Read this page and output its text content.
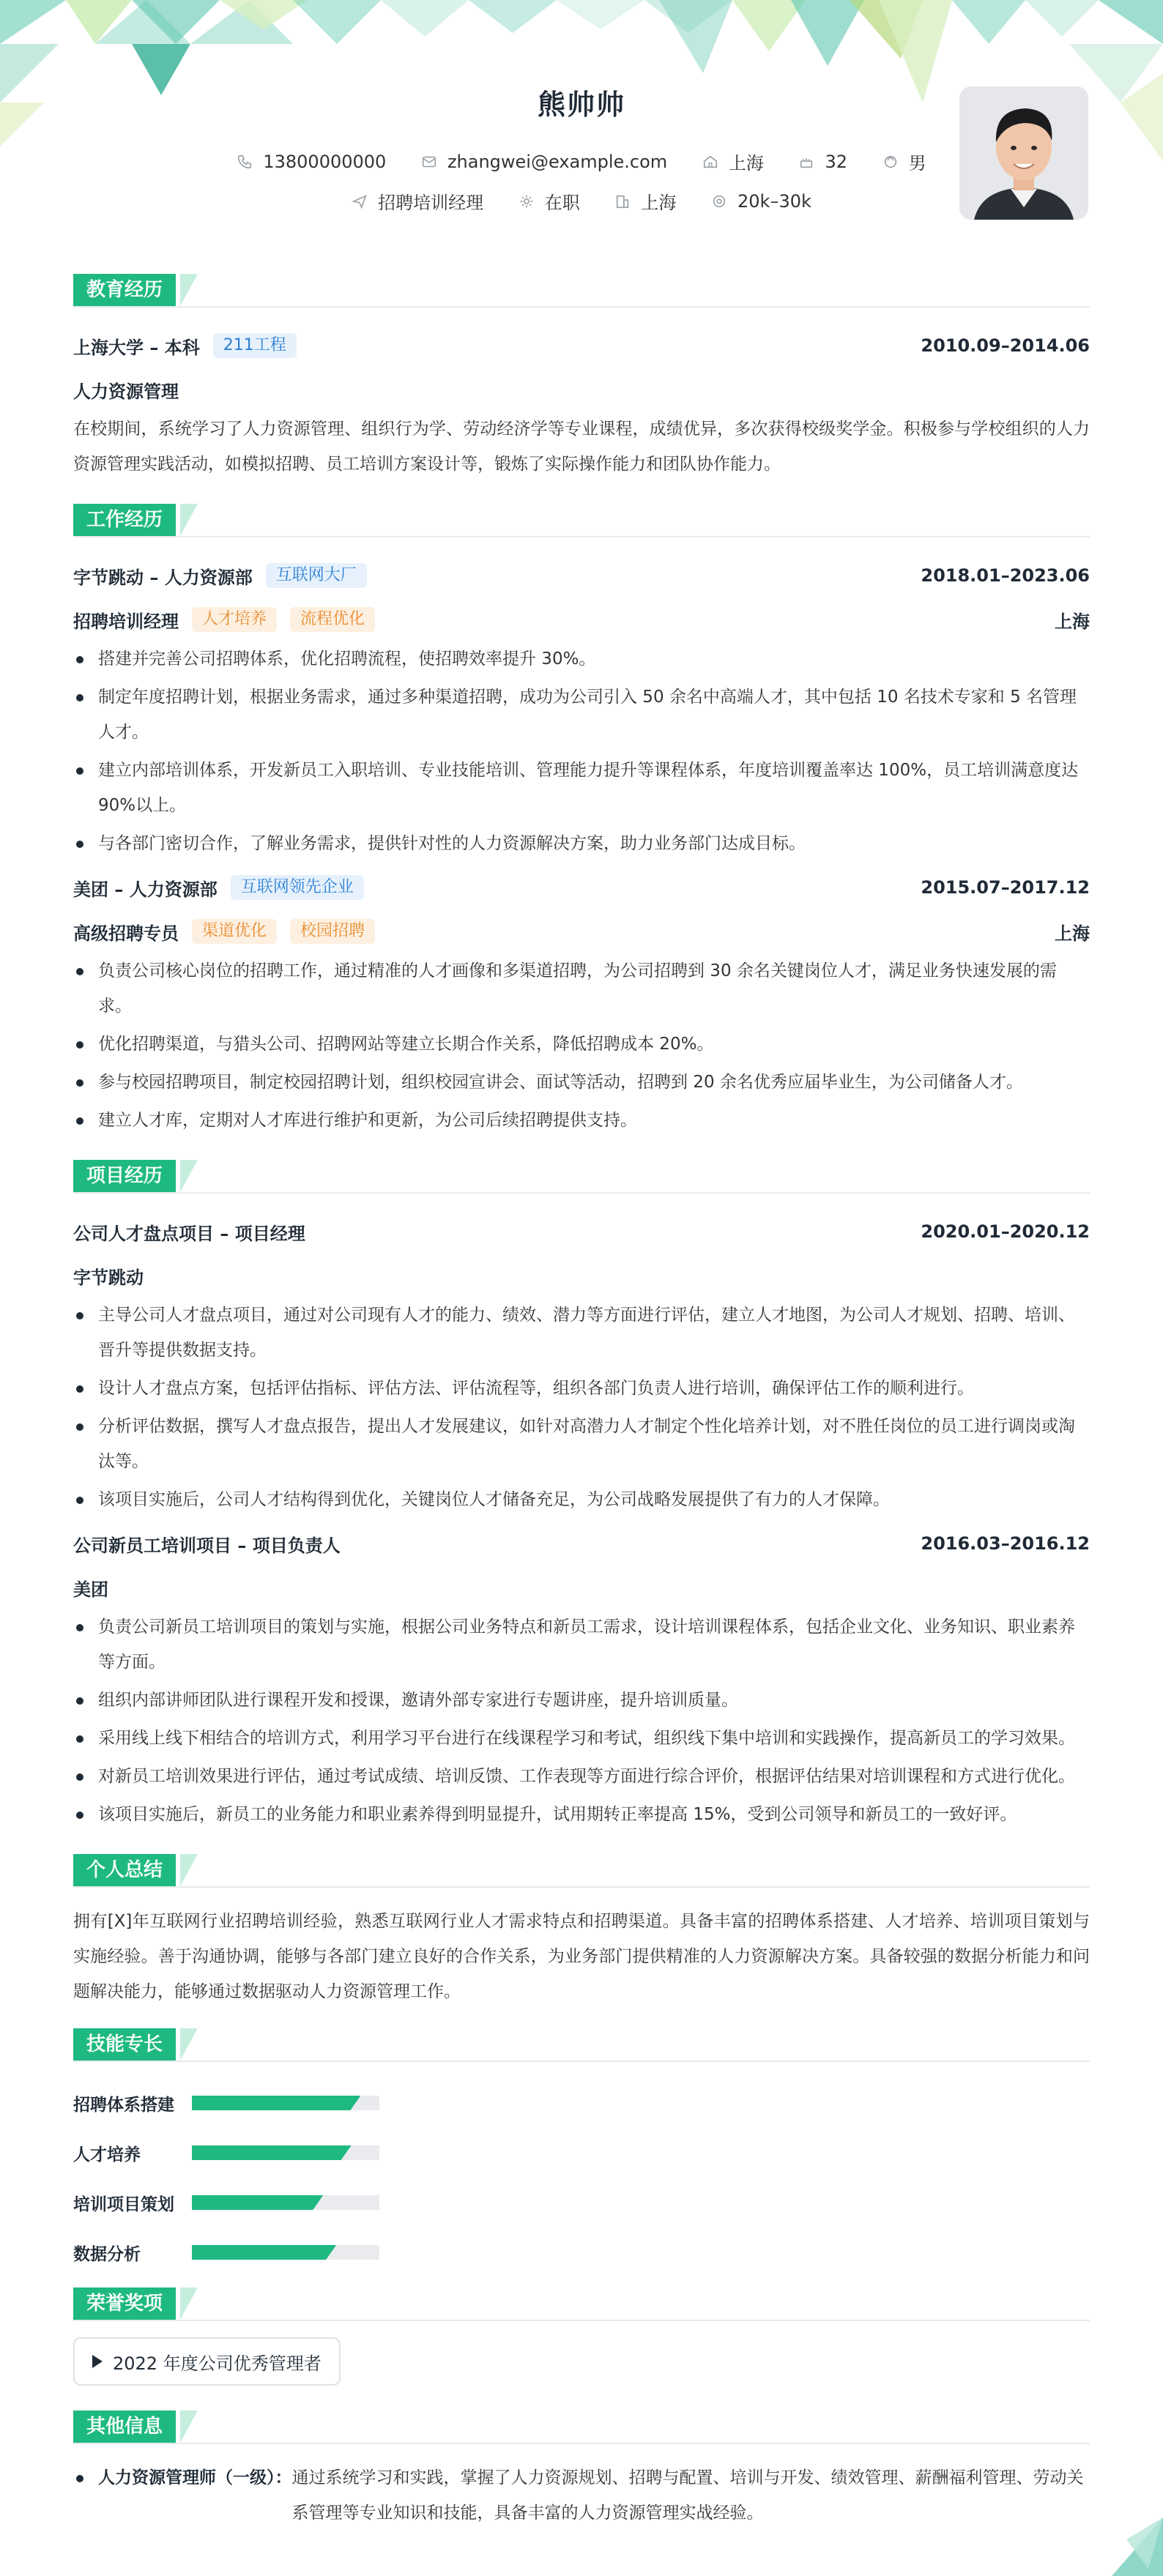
熊帅帅
13800000000
	zhangwei@example.com
	上海
	32
	男
招聘培训经理
	在职
	上海
	20k–30k
教育经历
上海大学 – 本科	211工程	2010.09–2014.06
人力资源管理
在校期间，系统学习了人力资源管理、组织行为学、劳动经济学等专业课程，成绩优异，多次获得校级奖学金。积极参与学校组织的人力资源管理实践活动，如模拟招聘、员工培训方案设计等，锻炼了实际操作能力和团队协作能力。
工作经历
字节跳动 – 人力资源部	互联网大厂	2018.01–2023.06
招聘培训经理	人才培养	流程优化	上海
搭建并完善公司招聘体系，优化招聘流程，使招聘效率提升 30%。
制定年度招聘计划，根据业务需求，通过多种渠道招聘，成功为公司引入 50 余名中高端人才，其中包括 10 名技术专家和 5 名管理人才。
建立内部培训体系，开发新员工入职培训、专业技能培训、管理能力提升等课程体系，年度培训覆盖率达 100%，员工培训满意度达 90%以上。
与各部门密切合作，了解业务需求，提供针对性的人力资源解决方案，助力业务部门达成目标。
美团 – 人力资源部	互联网领先企业	2015.07–2017.12
高级招聘专员	渠道优化	校园招聘	上海
负责公司核心岗位的招聘工作，通过精准的人才画像和多渠道招聘，为公司招聘到 30 余名关键岗位人才，满足业务快速发展的需求。
优化招聘渠道，与猎头公司、招聘网站等建立长期合作关系，降低招聘成本 20%。
参与校园招聘项目，制定校园招聘计划，组织校园宣讲会、面试等活动，招聘到 20 余名优秀应届毕业生，为公司储备人才。
建立人才库，定期对人才库进行维护和更新，为公司后续招聘提供支持。
项目经历
公司人才盘点项目 – 项目经理	2020.01–2020.12
字节跳动
主导公司人才盘点项目，通过对公司现有人才的能力、绩效、潜力等方面进行评估，建立人才地图，为公司人才规划、招聘、培训、晋升等提供数据支持。
设计人才盘点方案，包括评估指标、评估方法、评估流程等，组织各部门负责人进行培训，确保评估工作的顺利进行。
分析评估数据，撰写人才盘点报告，提出人才发展建议，如针对高潜力人才制定个性化培养计划，对不胜任岗位的员工进行调岗或淘汰等。
该项目实施后，公司人才结构得到优化，关键岗位人才储备充足，为公司战略发展提供了有力的人才保障。
公司新员工培训项目 – 项目负责人	2016.03–2016.12
美团
负责公司新员工培训项目的策划与实施，根据公司业务特点和新员工需求，设计培训课程体系，包括企业文化、业务知识、职业素养等方面。
组织内部讲师团队进行课程开发和授课，邀请外部专家进行专题讲座，提升培训质量。
采用线上线下相结合的培训方式，利用学习平台进行在线课程学习和考试，组织线下集中培训和实践操作，提高新员工的学习效果。
对新员工培训效果进行评估，通过考试成绩、培训反馈、工作表现等方面进行综合评价，根据评估结果对培训课程和方式进行优化。
该项目实施后，新员工的业务能力和职业素养得到明显提升，试用期转正率提高 15%，受到公司领导和新员工的一致好评。
个人总结
拥有[X]年互联网行业招聘培训经验，熟悉互联网行业人才需求特点和招聘渠道。具备丰富的招聘体系搭建、人才培养、培训项目策划与实施经验。善于沟通协调，能够与各部门建立良好的合作关系，为业务部门提供精准的人力资源解决方案。具备较强的数据分析能力和问题解决能力，能够通过数据驱动人力资源管理工作。
技能专长
招聘体系搭建
人才培养
培训项目策划
数据分析
荣誉奖项
2022 年度公司优秀管理者
其他信息
人力资源管理师（一级）： 通过系统学习和实践，掌握了人力资源规划、招聘与配置、培训与开发、绩效管理、薪酬福利管理、劳动关系管理等专业知识和技能，具备丰富的人力资源管理实战经验。
